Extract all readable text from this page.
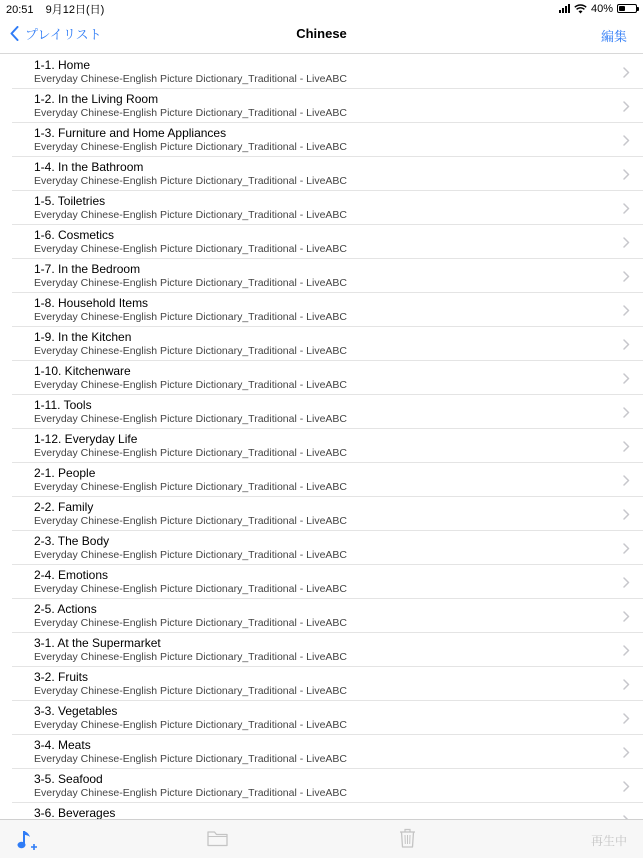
20:51 9月12日(日)	40%
プレイリスト	Chinese	編集
1-1. Home
Everyday Chinese-English Picture Dictionary_Traditional - LiveABC
1-2. In the Living Room
Everyday Chinese-English Picture Dictionary_Traditional - LiveABC
1-3. Furniture and Home Appliances
Everyday Chinese-English Picture Dictionary_Traditional - LiveABC
1-4. In the Bathroom
Everyday Chinese-English Picture Dictionary_Traditional - LiveABC
1-5. Toiletries
Everyday Chinese-English Picture Dictionary_Traditional - LiveABC
1-6. Cosmetics
Everyday Chinese-English Picture Dictionary_Traditional - LiveABC
1-7. In the Bedroom
Everyday Chinese-English Picture Dictionary_Traditional - LiveABC
1-8. Household Items
Everyday Chinese-English Picture Dictionary_Traditional - LiveABC
1-9. In the Kitchen
Everyday Chinese-English Picture Dictionary_Traditional - LiveABC
1-10. Kitchenware
Everyday Chinese-English Picture Dictionary_Traditional - LiveABC
1-11. Tools
Everyday Chinese-English Picture Dictionary_Traditional - LiveABC
1-12. Everyday Life
Everyday Chinese-English Picture Dictionary_Traditional - LiveABC
2-1. People
Everyday Chinese-English Picture Dictionary_Traditional - LiveABC
2-2. Family
Everyday Chinese-English Picture Dictionary_Traditional - LiveABC
2-3. The Body
Everyday Chinese-English Picture Dictionary_Traditional - LiveABC
2-4. Emotions
Everyday Chinese-English Picture Dictionary_Traditional - LiveABC
2-5. Actions
Everyday Chinese-English Picture Dictionary_Traditional - LiveABC
3-1. At the Supermarket
Everyday Chinese-English Picture Dictionary_Traditional - LiveABC
3-2. Fruits
Everyday Chinese-English Picture Dictionary_Traditional - LiveABC
3-3. Vegetables
Everyday Chinese-English Picture Dictionary_Traditional - LiveABC
3-4. Meats
Everyday Chinese-English Picture Dictionary_Traditional - LiveABC
3-5. Seafood
Everyday Chinese-English Picture Dictionary_Traditional - LiveABC
3-6. Beverages
再生中
